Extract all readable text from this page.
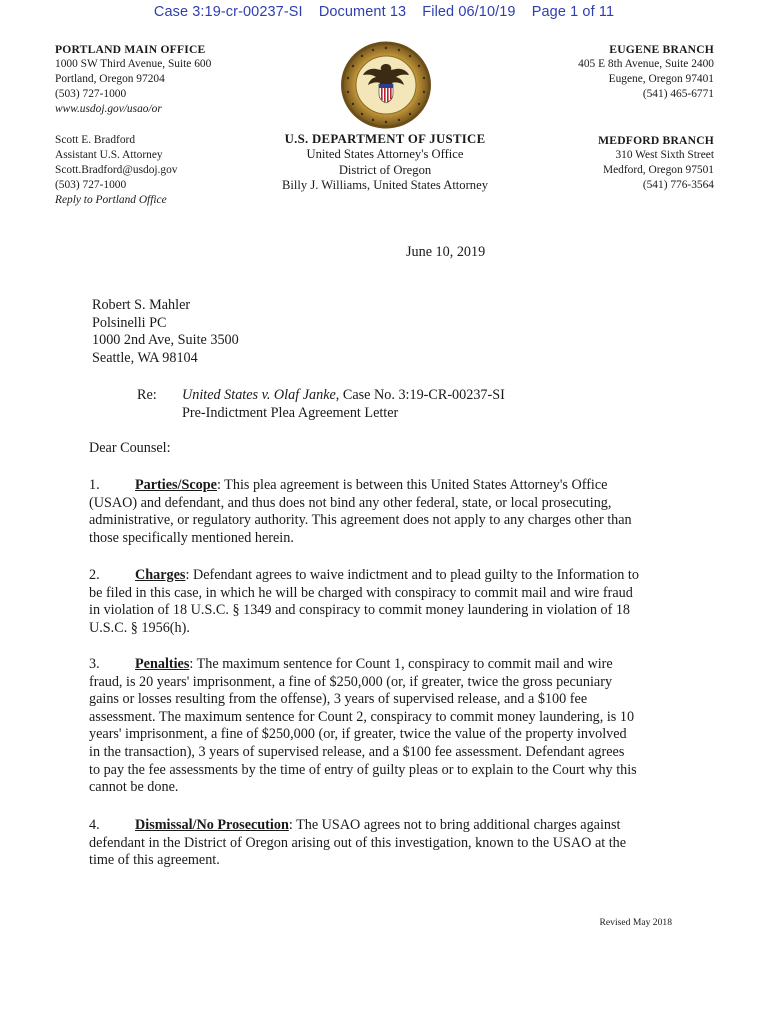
Case 3:19-cr-00237-SI Document 13 Filed 06/10/19 Page 1 of 11
PORTLAND MAIN OFFICE
1000 SW Third Avenue, Suite 600
Portland, Oregon 97204
(503) 727-1000
www.usdoj.gov/usao/or
Scott E. Bradford
Assistant U.S. Attorney
Scott.Bradford@usdoj.gov
(503) 727-1000
Reply to Portland Office
EUGENE BRANCH
405 E 8th Avenue, Suite 2400
Eugene, Oregon 97401
(541) 465-6771
MEDFORD BRANCH
310 West Sixth Street
Medford, Oregon 97501
(541) 776-3564
U.S. DEPARTMENT OF JUSTICE
United States Attorney's Office
District of Oregon
Billy J. Williams, United States Attorney
June 10, 2019
Robert S. Mahler
Polsinelli PC
1000 2nd Ave, Suite 3500
Seattle, WA 98104
Re: United States v. Olaf Janke, Case No. 3:19-CR-00237-SI
Pre-Indictment Plea Agreement Letter
Dear Counsel:
1. Parties/Scope: This plea agreement is between this United States Attorney's Office
(USAO) and defendant, and thus does not bind any other federal, state, or local prosecuting,
administrative, or regulatory authority. This agreement does not apply to any charges other than
those specifically mentioned herein.
2. Charges: Defendant agrees to waive indictment and to plead guilty to the Information to
be filed in this case, in which he will be charged with conspiracy to commit mail and wire fraud
in violation of 18 U.S.C. § 1349 and conspiracy to commit money laundering in violation of 18
U.S.C. § 1956(h).
3. Penalties: The maximum sentence for Count 1, conspiracy to commit mail and wire
fraud, is 20 years' imprisonment, a fine of $250,000 (or, if greater, twice the gross pecuniary
gains or losses resulting from the offense), 3 years of supervised release, and a $100 fee
assessment. The maximum sentence for Count 2, conspiracy to commit money laundering, is 10
years' imprisonment, a fine of $250,000 (or, if greater, twice the value of the property involved
in the transaction), 3 years of supervised release, and a $100 fee assessment. Defendant agrees
to pay the fee assessments by the time of entry of guilty pleas or to explain to the Court why this
cannot be done.
4. Dismissal/No Prosecution: The USAO agrees not to bring additional charges against
defendant in the District of Oregon arising out of this investigation, known to the USAO at the
time of this agreement.
Revised May 2018
